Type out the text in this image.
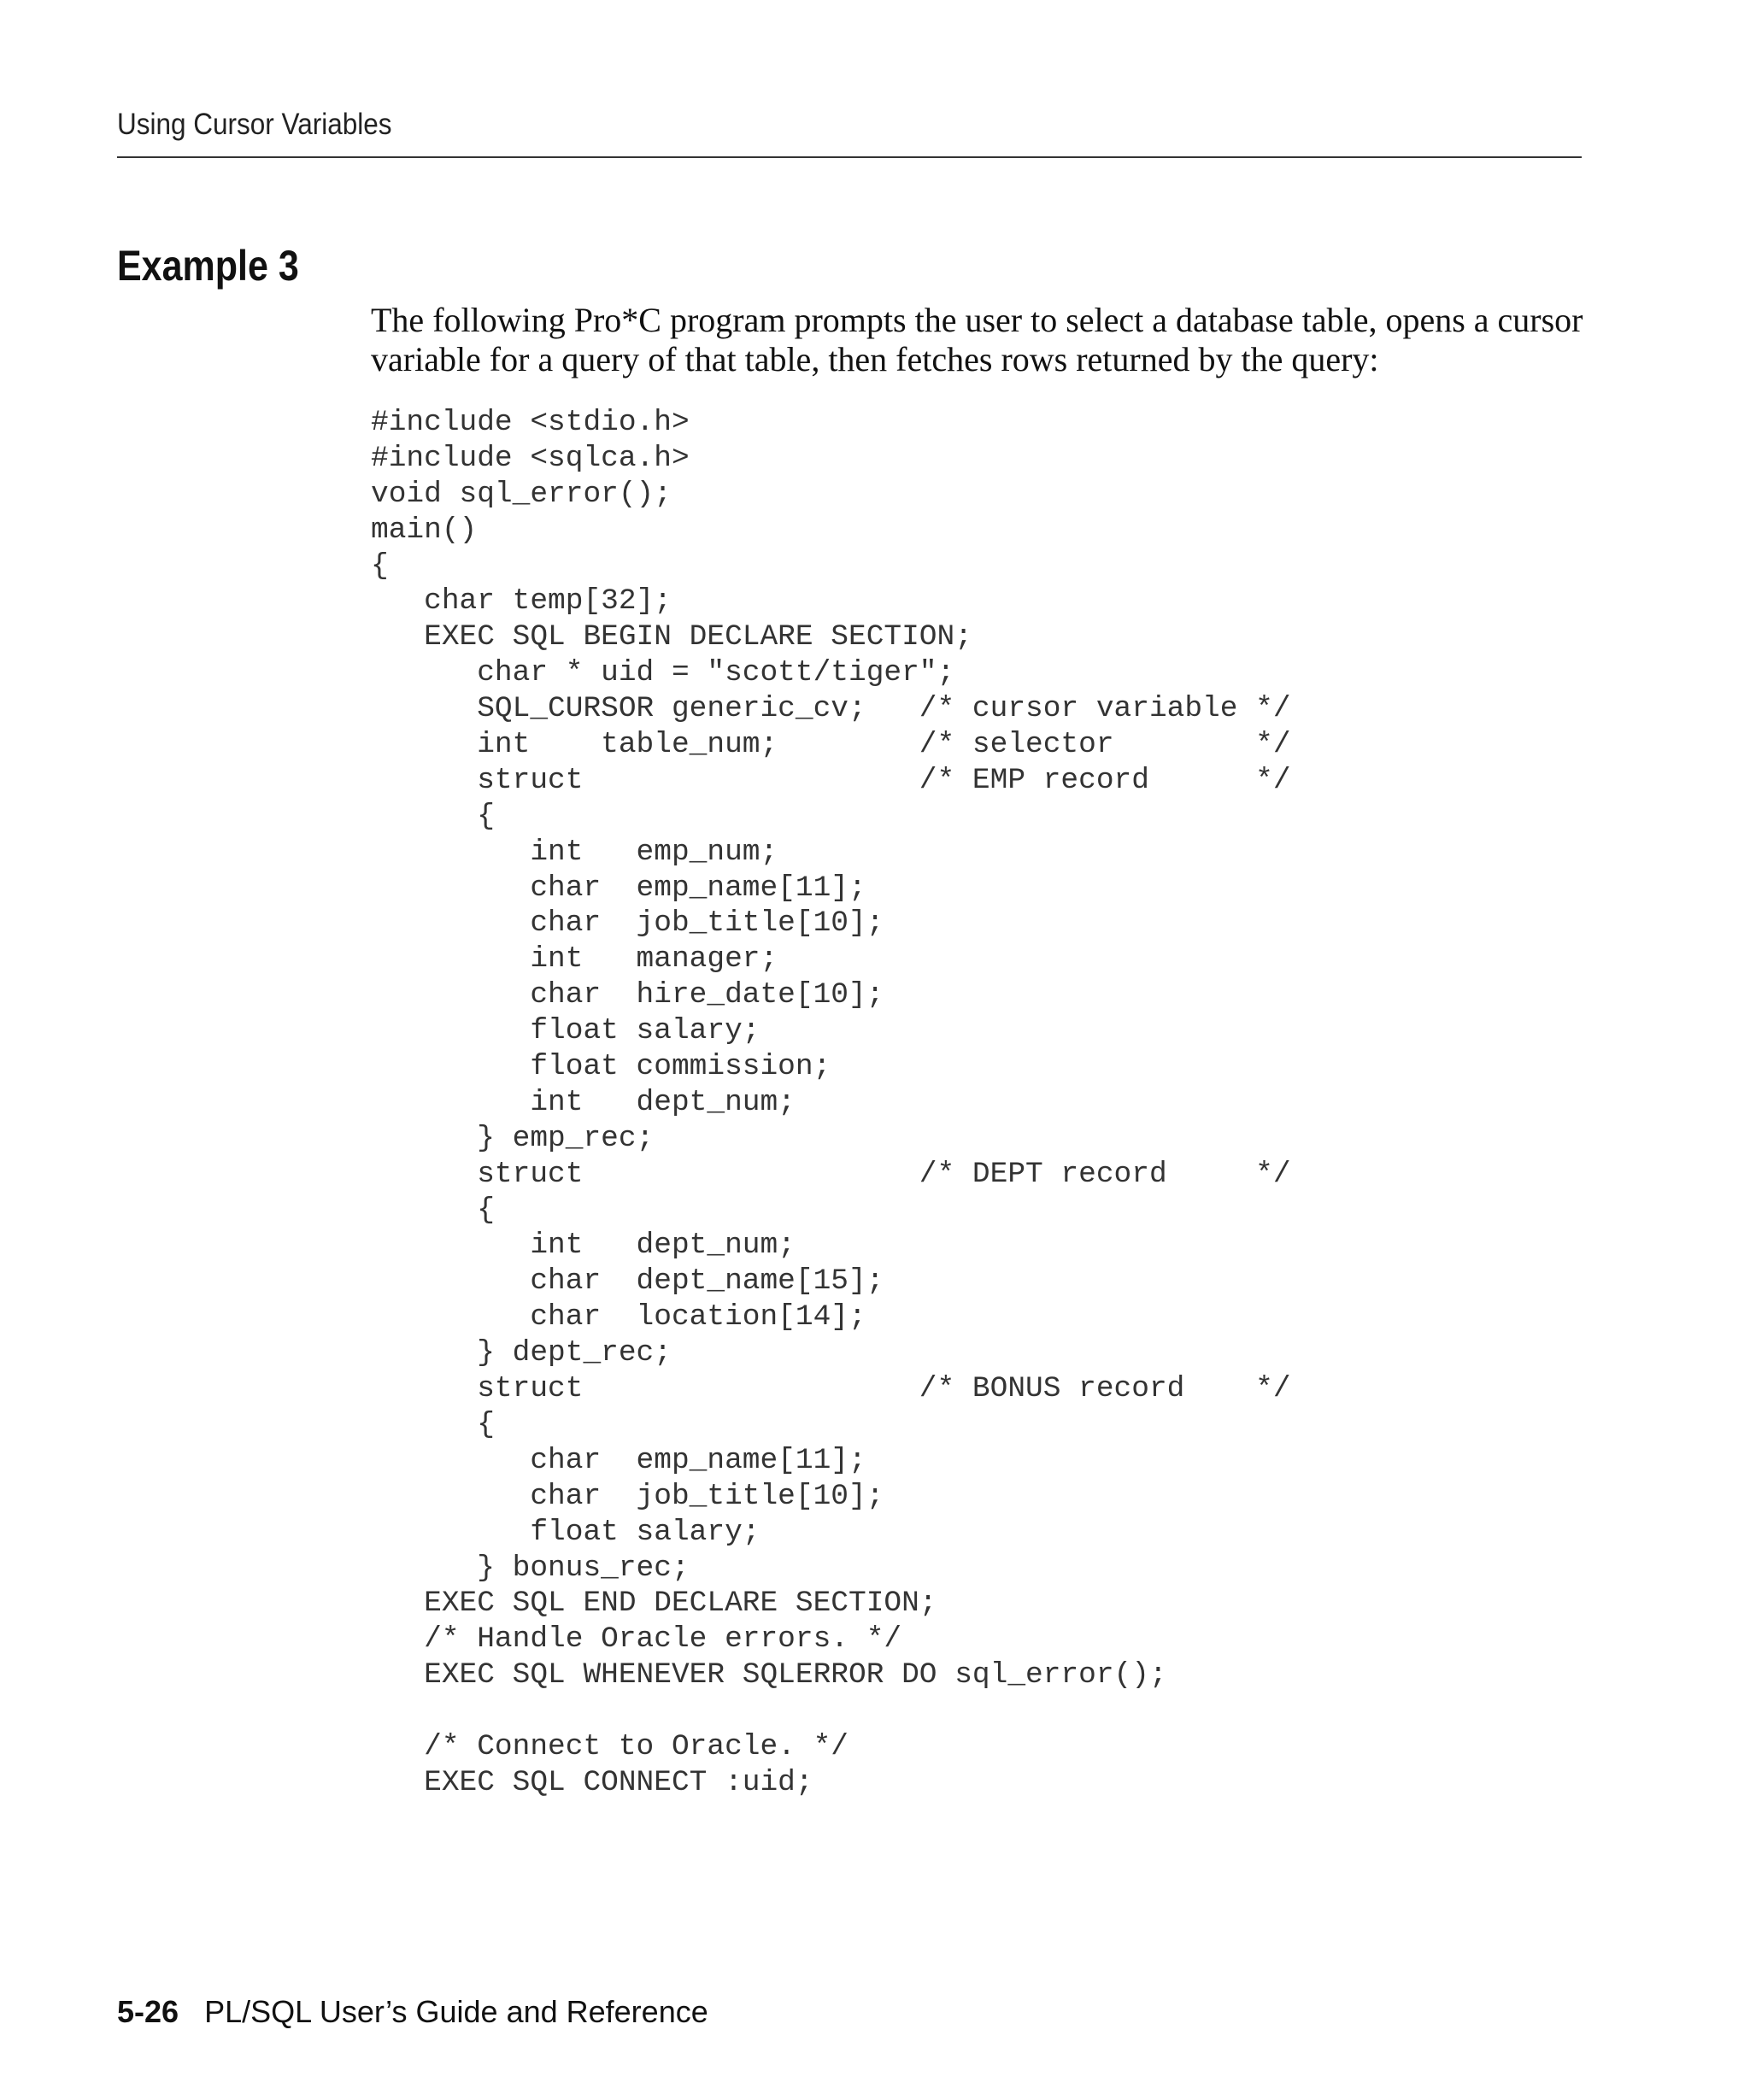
Using Cursor Variables
Example 3

The following Pro*C program prompts the user to select a database table, opens a cursor variable for a query of that table, then fetches rows returned by the query:

#include <stdio.h>
#include <sqlca.h>
void sql_error();
main()
{
char temp[32];
EXEC SQL BEGIN DECLARE SECTION;
char * uid = "scott/tiger";
SQL_CURSOR generic_cv;   /* cursor variable */
int    table_num;        /* selector        */
struct                   /* EMP record      */
{
int   emp_num;
char  emp_name[11];
char  job_title[10];
int   manager;
char  hire_date[10];
float salary;
float commission;
int   dept_num;
} emp_rec;
struct                   /* DEPT record     */
{
int   dept_num;
char  dept_name[15];
char  location[14];
} dept_rec;
struct                   /* BONUS record    */
{
char  emp_name[11];
char  job_title[10];
float salary;
} bonus_rec;
EXEC SQL END DECLARE SECTION;
/* Handle Oracle errors. */
EXEC SQL WHENEVER SQLERROR DO sql_error();
/* Connect to Oracle. */
EXEC SQL CONNECT :uid;
5-26 PL/SQL User’s Guide and Reference
